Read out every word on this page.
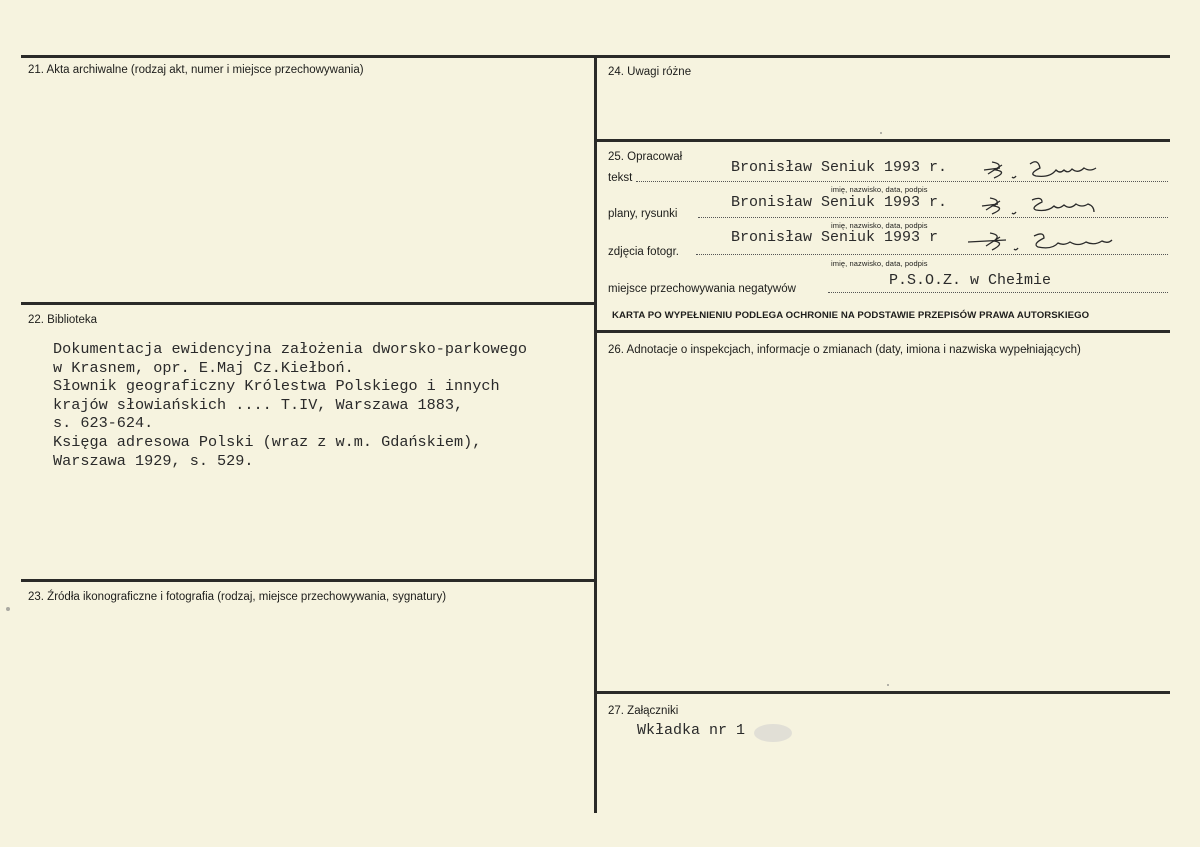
21. Akta archiwalne (rodzaj akt, numer i miejsce przechowywania)
22. Biblioteka
23. Źródła ikonograficzne i fotografia (rodzaj, miejsce przechowywania, sygnatury)
24. Uwagi różne
25. Opracował
26. Adnotacje o inspekcjach, informacje o zmianach (daty, imiona i nazwiska wypełniających)
27. Załączniki
Dokumentacja ewidencyjna założenia dworsko-parkowego
w Krasnem, opr. E.Maj Cz.Kiełboń.
Słownik geograficzny Królestwa Polskiego i innych
krajów słowiańskich .... T.IV, Warszawa 1883,
s. 623-624.
Księga adresowa Polski (wraz z w.m. Gdańskiem),
Warszawa 1929, s. 529.
tekst
Bronisław Seniuk 1993 r.
imię, nazwisko, data, podpis
plany, rysunki
Bronisław Seniuk 1993 r.
imię, nazwisko, data, podpis
zdjęcia fotogr.
Bronisław Seniuk 1993 r
imię, nazwisko, data, podpis
miejsce przechowywania negatywów	P.S.O.Z. w Chełmie
KARTA PO WYPEŁNIENIU PODLEGA OCHRONIE NA PODSTAWIE PRZEPISÓW PRAWA AUTORSKIEGO
Wkładka nr 1
